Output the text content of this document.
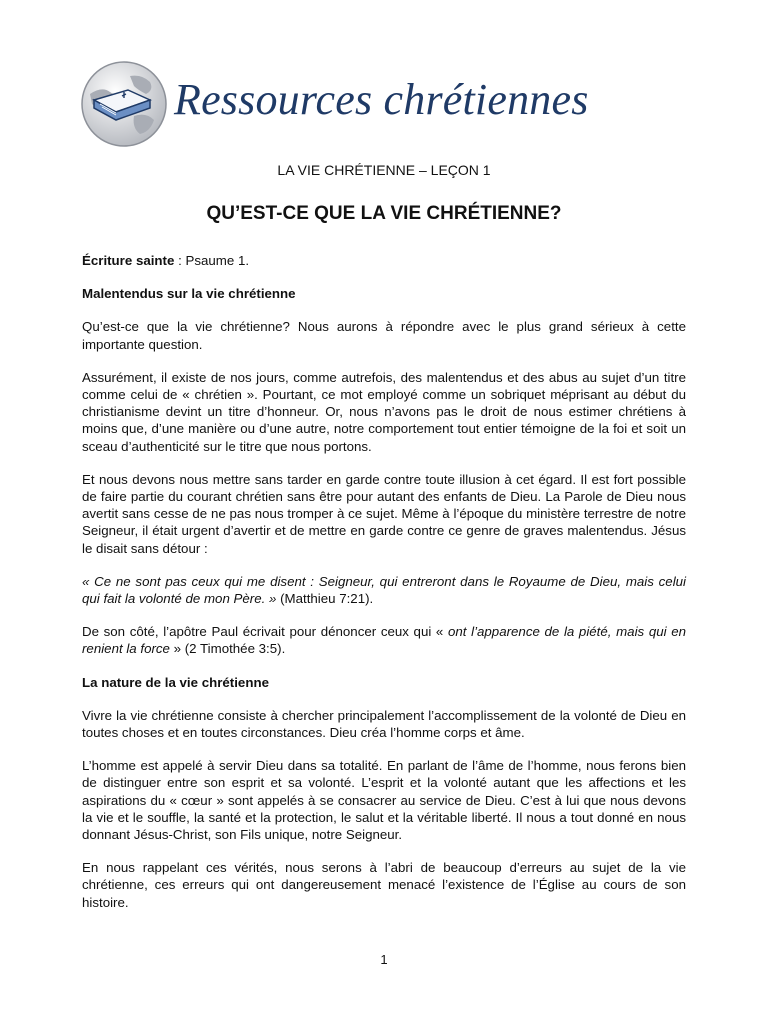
Ressources chrétiennes
LA VIE CHRÉTIENNE – LEÇON 1
QU’EST-CE QUE LA VIE CHRÉTIENNE?

Écriture sainte : Psaume 1.

Malentendus sur la vie chrétienne

Qu’est-ce que la vie chrétienne? Nous aurons à répondre avec le plus grand sérieux à cette importante question.

Assurément, il existe de nos jours, comme autrefois, des malentendus et des abus au sujet d’un titre comme celui de « chrétien ». Pourtant, ce mot employé comme un sobriquet méprisant au début du christianisme devint un titre d’honneur. Or, nous n’avons pas le droit de nous estimer chrétiens à moins que, d’une manière ou d’une autre, notre comportement tout entier témoigne de la foi et soit un sceau d’authenticité sur le titre que nous portons.

Et nous devons nous mettre sans tarder en garde contre toute illusion à cet égard. Il est fort possible de faire partie du courant chrétien sans être pour autant des enfants de Dieu. La Parole de Dieu nous avertit sans cesse de ne pas nous tromper à ce sujet. Même à l’époque du ministère terrestre de notre Seigneur, il était urgent d’avertir et de mettre en garde contre ce genre de graves malentendus. Jésus le disait sans détour :

« Ce ne sont pas ceux qui me disent : Seigneur, qui entreront dans le Royaume de Dieu, mais celui qui fait la volonté de mon Père. » (Matthieu 7:21).

De son côté, l’apôtre Paul écrivait pour dénoncer ceux qui « ont l’apparence de la piété, mais qui en renient la force » (2 Timothée 3:5).

La nature de la vie chrétienne

Vivre la vie chrétienne consiste à chercher principalement l’accomplissement de la volonté de Dieu en toutes choses et en toutes circonstances. Dieu créa l’homme corps et âme.

L’homme est appelé à servir Dieu dans sa totalité. En parlant de l’âme de l’homme, nous ferons bien de distinguer entre son esprit et sa volonté. L’esprit et la volonté autant que les affections et les aspirations du « cœur » sont appelés à se consacrer au service de Dieu. C’est à lui que nous devons la vie et le souffle, la santé et la protection, le salut et la véritable liberté. Il nous a tout donné en nous donnant Jésus-Christ, son Fils unique, notre Seigneur.

En nous rappelant ces vérités, nous serons à l’abri de beaucoup d’erreurs au sujet de la vie chrétienne, ces erreurs qui ont dangereusement menacé l’existence de l’Église au cours de son histoire.

1
